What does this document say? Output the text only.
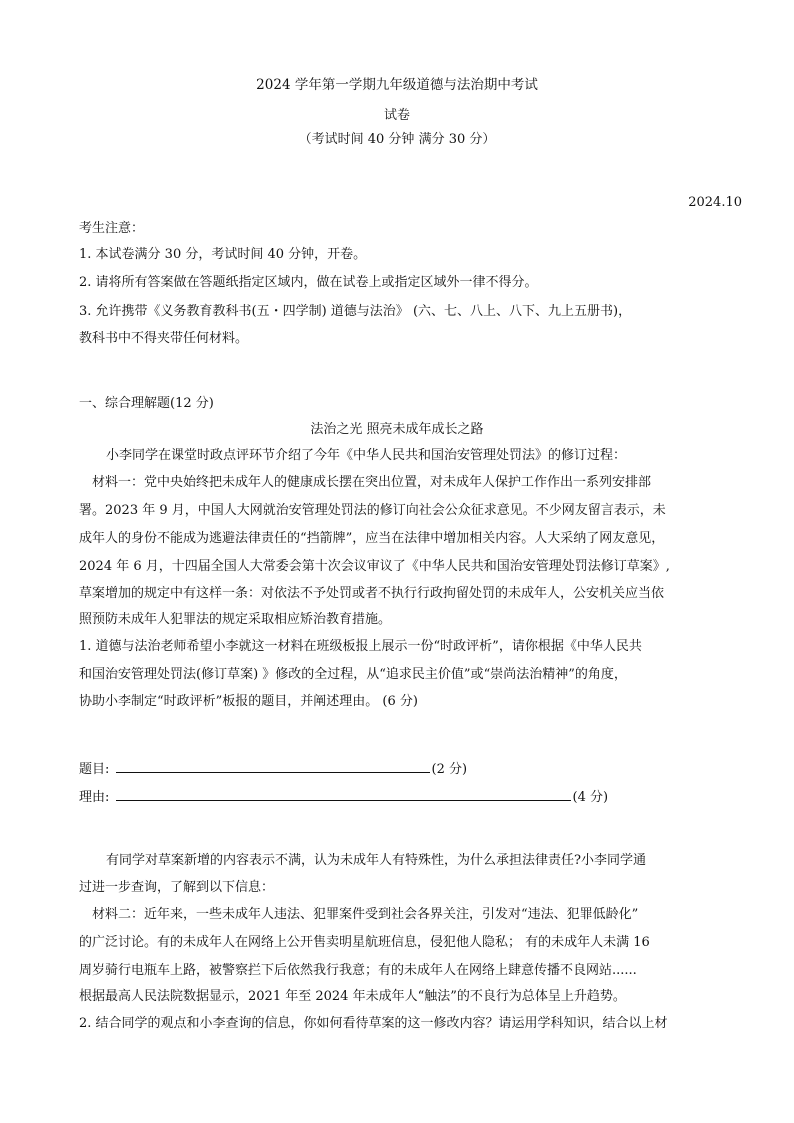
2024 学年第一学期九年级道德与法治期中考试
试卷
（考试时间 40 分钟 满分 30 分）
2024.10
考生注意：
1. 本试卷满分 30 分，考试时间 40 分钟，开卷。
2. 请将所有答案做在答题纸指定区域内，做在试卷上或指定区域外一律不得分。
3. 允许携带《义务教育教科书(五・四学制) 道德与法治》 (六、七、八上、八下、九上五册书)，
教科书中不得夹带任何材料。
一、综合理解题(12 分)
法治之光 照亮未成年成长之路
小李同学在课堂时政点评环节介绍了今年《中华人民共和国治安管理处罚法》的修订过程：
材料一：党中央始终把未成年人的健康成长摆在突出位置，对未成年人保护工作作出一系列安排部
署。2023 年 9 月，中国人大网就治安管理处罚法的修订向社会公众征求意见。不少网友留言表示，未
成年人的身份不能成为逃避法律责任的“挡箭牌”，应当在法律中增加相关内容。人大采纳了网友意见，
2024 年 6 月，十四届全国人大常委会第十次会议审议了《中华人民共和国治安管理处罚法修订草案》,
草案增加的规定中有这样一条：对依法不予处罚或者不执行行政拘留处罚的未成年人，公安机关应当依
照预防未成年人犯罪法的规定采取相应矫治教育措施。
1. 道德与法治老师希望小李就这一材料在班级板报上展示一份“时政评析”，请你根据《中华人民共
和国治安管理处罚法(修订草案) 》修改的全过程，从“追求民主价值”或“崇尚法治精神”的角度，
协助小李制定“时政评析”板报的题目，并阐述理由。 (6 分)
题目:	(2 分)
理由:	(4 分)
有同学对草案新增的内容表示不满，认为未成年人有特殊性，为什么承担法律责任?小李同学通
过进一步查询，了解到以下信息：
材料二：近年来，一些未成年人违法、犯罪案件受到社会各界关注，引发对“违法、犯罪低龄化”
的广泛讨论。有的未成年人在网络上公开售卖明星航班信息，侵犯他人隐私； 有的未成年人未满 16
周岁骑行电瓶车上路，被警察拦下后依然我行我意；有的未成年人在网络上肆意传播不良网站......
根据最高人民法院数据显示，2021 年至 2024 年未成年人“触法”的不良行为总体呈上升趋势。
2. 结合同学的观点和小李查询的信息，你如何看待草案的这一修改内容？请运用学科知识，结合以上材
